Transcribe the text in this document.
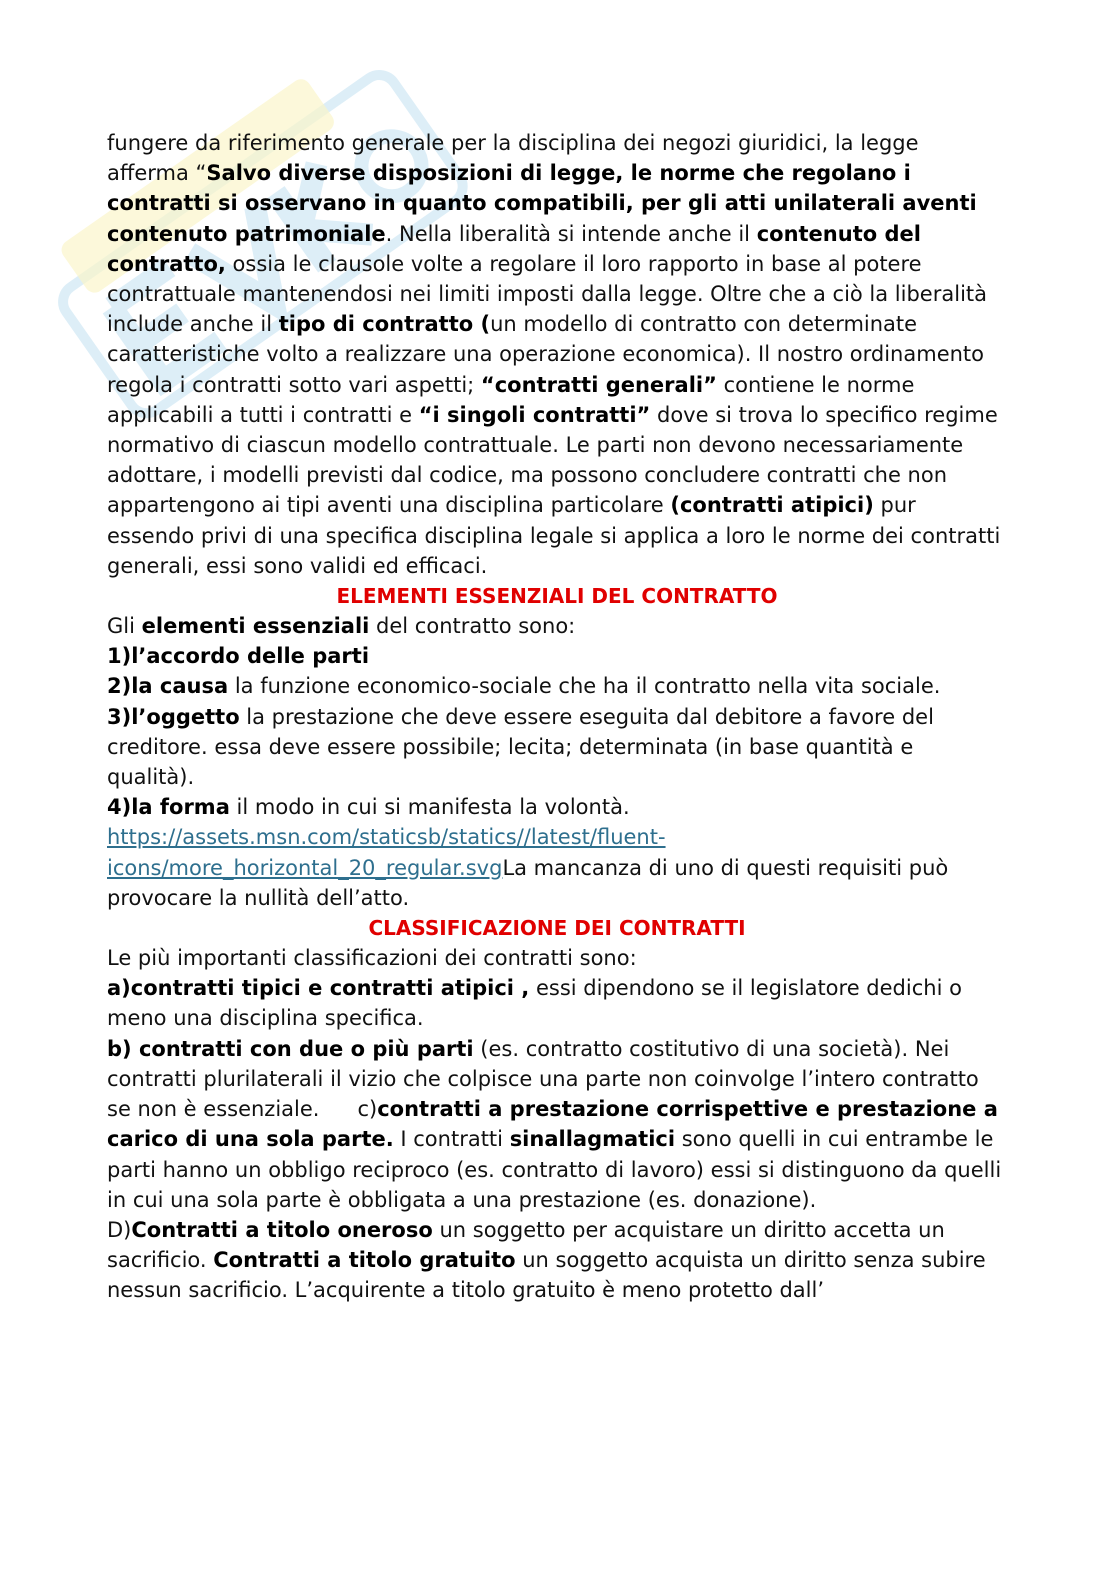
fungere da riferimento generale per la disciplina dei negozi giuridici, la legge afferma “Salvo diverse disposizioni di legge, le norme che regolano i contratti si osservano in quanto compatibili, per gli atti unilaterali aventi contenuto patrimoniale. Nella liberalità si intende anche il contenuto del contratto, ossia le clausole volte a regolare il loro rapporto in base al potere contrattuale mantenendosi nei limiti imposti dalla legge. Oltre che a ciò la liberalità include anche il tipo di contratto (un modello di contratto con determinate caratteristiche volto a realizzare una operazione economica). Il nostro ordinamento regola i contratti sotto vari aspetti; “contratti generali” contiene le norme applicabili a tutti i contratti e “i singoli contratti” dove si trova lo specifico regime normativo di ciascun modello contrattuale. Le parti non devono necessariamente adottare, i modelli previsti dal codice, ma possono concludere contratti che non appartengono ai tipi aventi una disciplina particolare (contratti atipici) pur essendo privi di una specifica disciplina legale si applica a loro le norme dei contratti generali, essi sono validi ed efficaci.

ELEMENTI ESSENZIALI DEL CONTRATTO

Gli elementi essenziali del contratto sono:

1)l’accordo delle parti

2)la causa la funzione economico-sociale che ha il contratto nella vita sociale.

3)l’oggetto la prestazione che deve essere eseguita dal debitore a favore del creditore. essa deve essere possibile; lecita; determinata (in base quantità e qualità).

4)la forma il modo in cui si manifesta la volontà.

https://assets.msn.com/staticsb/statics//latest/fluent-icons/more_horizontal_20_regular.svgLa mancanza di uno di questi requisiti può provocare la nullità dell’atto.

CLASSIFICAZIONE DEI CONTRATTI

Le più importanti classificazioni dei contratti sono:

a)contratti tipici e contratti atipici , essi dipendono se il legislatore dedichi o meno una disciplina specifica.

b) contratti con due o più parti (es. contratto costitutivo di una società). Nei contratti plurilaterali il vizio che colpisce una parte non coinvolge l’intero contratto se non è essenziale. c)contratti a prestazione corrispettive e prestazione a carico di una sola parte. I contratti sinallagmatici sono quelli in cui entrambe le parti hanno un obbligo reciproco (es. contratto di lavoro) essi si distinguono da quelli in cui una sola parte è obbligata a una prestazione (es. donazione).

D)Contratti a titolo oneroso un soggetto per acquistare un diritto accetta un sacrificio. Contratti a titolo gratuito un soggetto acquista un diritto senza subire nessun sacrificio. L’acquirente a titolo gratuito è meno protetto dall’
